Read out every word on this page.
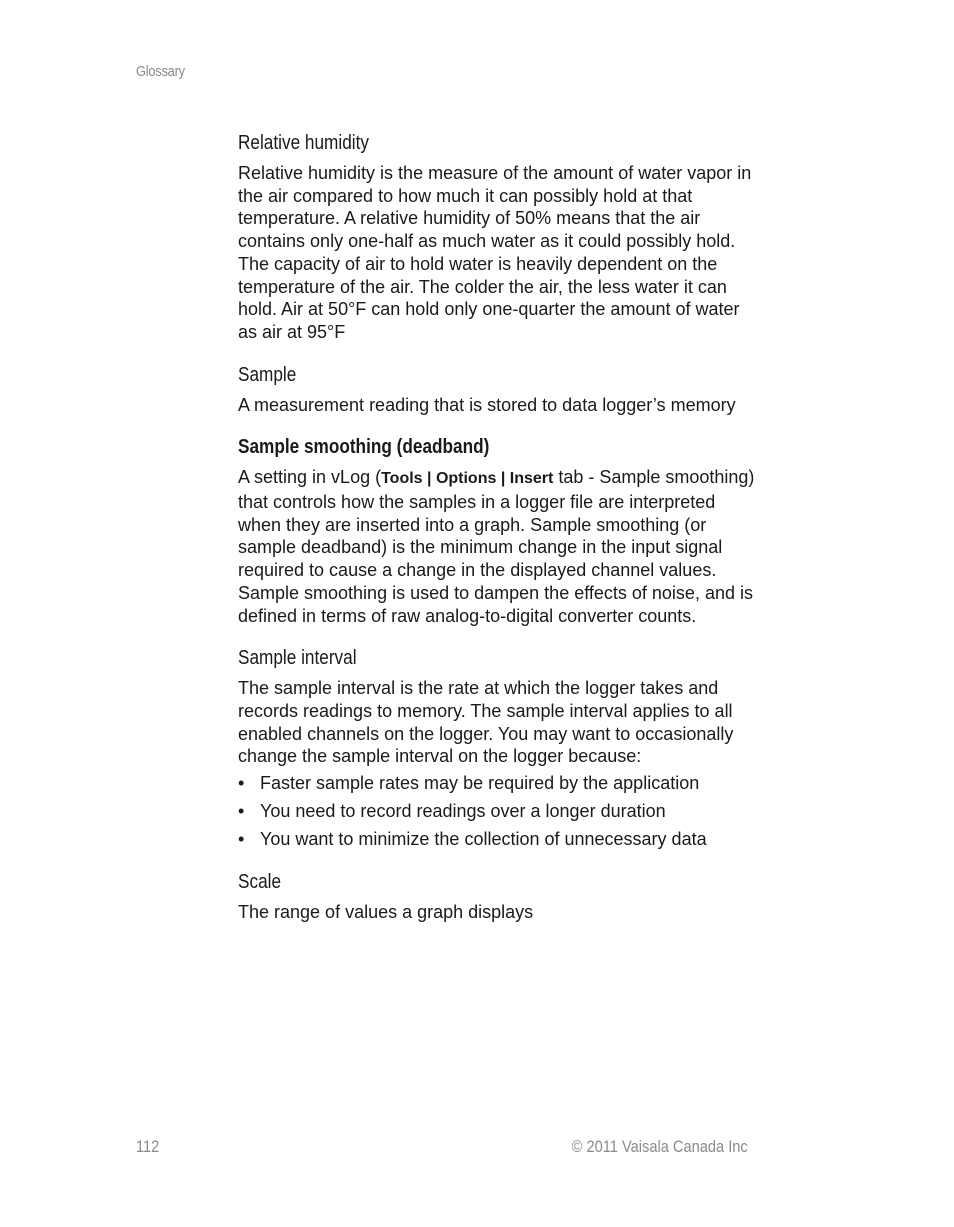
Glossary
Relative humidity

Relative humidity is the measure of the amount of water vapor in the air compared to how much it can possibly hold at that temperature. A relative humidity of 50% means that the air contains only one-half as much water as it could possibly hold. The capacity of air to hold water is heavily dependent on the temperature of the air. The colder the air, the less water it can hold. Air at 50°F can hold only one-quarter the amount of water as air at 95°F

Sample

A measurement reading that is stored to data logger’s memory

Sample smoothing (deadband)

A setting in vLog (Tools | Options | Insert tab - Sample smoothing) that controls how the samples in a logger file are interpreted when they are inserted into a graph. Sample smoothing (or sample deadband) is the minimum change in the input signal required to cause a change in the displayed channel values. Sample smoothing is used to dampen the effects of noise, and is defined in terms of raw analog-to-digital converter counts.

Sample interval

The sample interval is the rate at which the logger takes and records readings to memory. The sample interval applies to all enabled channels on the logger. You may want to occasionally change the sample interval on the logger because:

• Faster sample rates may be required by the application
• You need to record readings over a longer duration
• You want to minimize the collection of unnecessary data
Scale

The range of values a graph displays

112	© 2011 Vaisala Canada Inc
